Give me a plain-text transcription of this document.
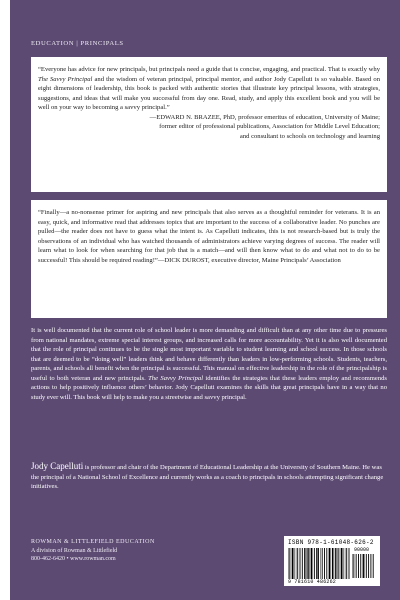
EDUCATION | PRINCIPALS

“Everyone has advice for new principals, but principals need a guide that is concise, engaging, and practical. That is exactly why The Savvy Principal and the wisdom of veteran principal, principal mentor, and author Jody Capelluti is so valuable. Based on eight dimensions of leadership, this book is packed with authentic stories that illustrate key principal lessons, with strategies, suggestions, and ideas that will make you successful from day one. Read, study, and apply this excellent book and you will be well on your way to becoming a savvy principal.”

—EDWARD N. BRAZEE, PhD, professor emeritus of education, University of Maine;
former editor of professional publications, Association for Middle Level Education;
and consultant to schools on technology and learning

“Finally—a no-nonsense primer for aspiring and new principals that also serves as a thoughtful reminder for veterans. It is an easy, quick, and informative read that addresses topics that are important to the success of a collaborative leader. No punches are pulled—the reader does not have to guess what the intent is. As Capelluti indicates, this is not research-based but is truly the observations of an individual who has watched thousands of administrators achieve varying degrees of success. The reader will learn what to look for when searching for that job that is a match—and will then know what to do and what not to do to be successful! This should be required reading!”—DICK DUROST, executive director, Maine Principals’ Association

It is well documented that the current role of school leader is more demanding and difficult than at any other time due to pressures from national mandates, extreme special interest groups, and increased calls for more accountability. Yet it is also well documented that the role of principal continues to be the single most important variable to student learning and school success. In those schools that are deemed to be “doing well” leaders think and behave differently than leaders in low-performing schools. Students, teachers, parents, and schools all benefit when the principal is successful. This manual on effective leadership in the role of the principalship is useful to both veteran and new principals. The Savvy Principal identifies the strategies that these leaders employ and recommends actions to help positively influence others’ behavior. Jody Capelluti examines the skills that great principals have in a way that no study ever will. This book will help to make you a streetwise and savvy principal.

Jody Capelluti is professor and chair of the Department of Educational Leadership at the University of Southern Maine. He was the principal of a National School of Excellence and currently works as a coach to principals in schools attempting significant change initiatives.
ROWMAN & LITTLEFIELD EDUCATION
A division of Rowman & Littlefield
800-462-6420 • www.rowman.com
ISBN 978-1-61048-626-2
90000
9 781610 486262
